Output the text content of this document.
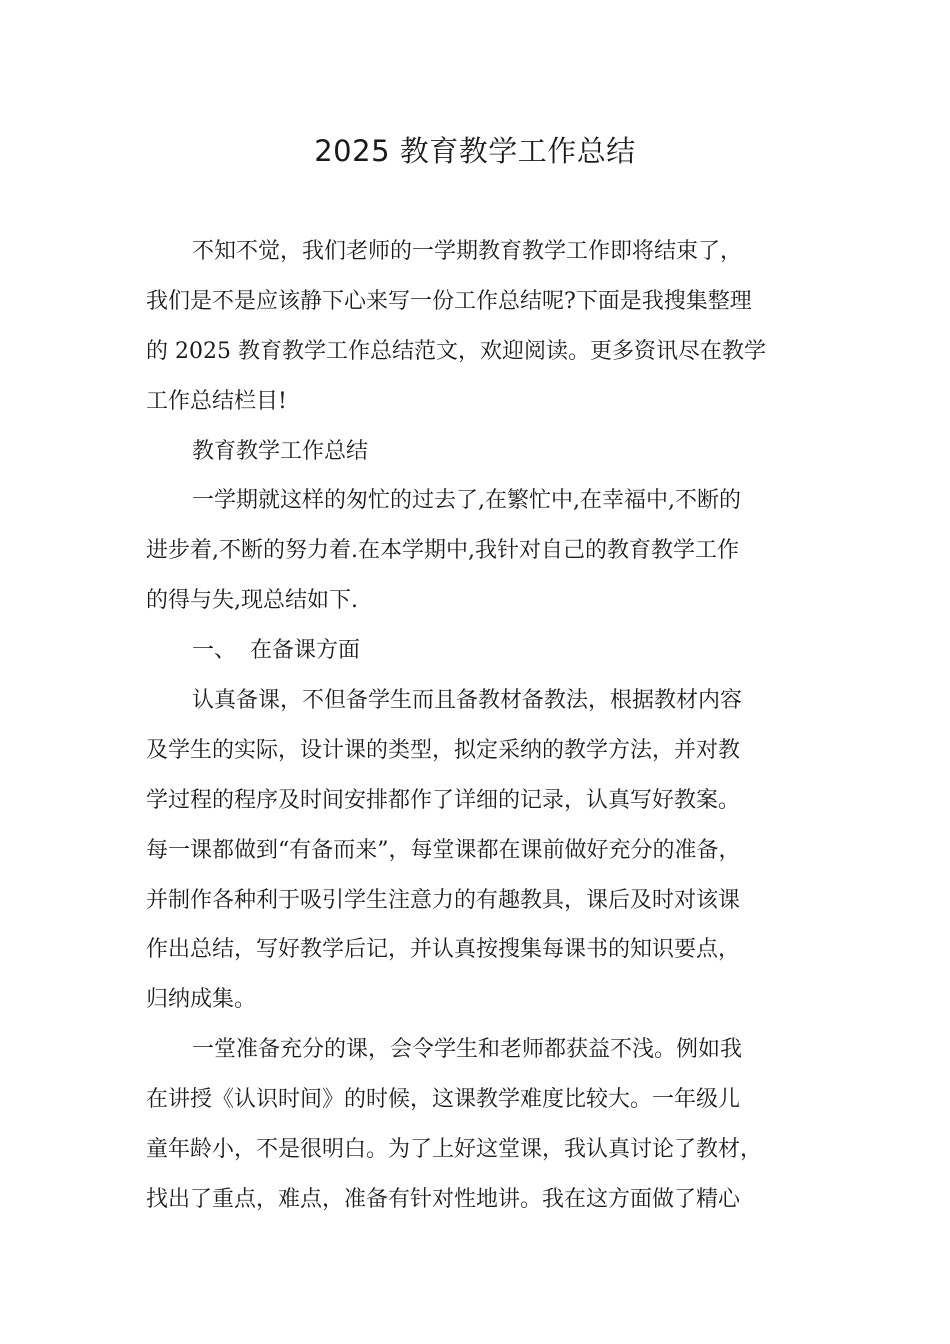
2025 教育教学工作总结
不知不觉，我们老师的一学期教育教学工作即将结束了，
我们是不是应该静下心来写一份工作总结呢?下面是我搜集整理
的 2025 教育教学工作总结范文，欢迎阅读。更多资讯尽在教学
工作总结栏目!
教育教学工作总结
一学期就这样的匆忙的过去了,在繁忙中,在幸福中,不断的
进步着,不断的努力着.在本学期中,我针对自己的教育教学工作
的得与失,现总结如下.
一、  在备课方面
认真备课，不但备学生而且备教材备教法，根据教材内容
及学生的实际，设计课的类型，拟定采纳的教学方法，并对教
学过程的程序及时间安排都作了详细的记录，认真写好教案。
每一课都做到“有备而来”，每堂课都在课前做好充分的准备，
并制作各种利于吸引学生注意力的有趣教具，课后及时对该课
作出总结，写好教学后记，并认真按搜集每课书的知识要点，
归纳成集。
一堂准备充分的课，会令学生和老师都获益不浅。例如我
在讲授《认识时间》的时候，这课教学难度比较大。一年级儿
童年龄小，不是很明白。为了上好这堂课，我认真讨论了教材，
找出了重点，难点，准备有针对性地讲。我在这方面做了精心
